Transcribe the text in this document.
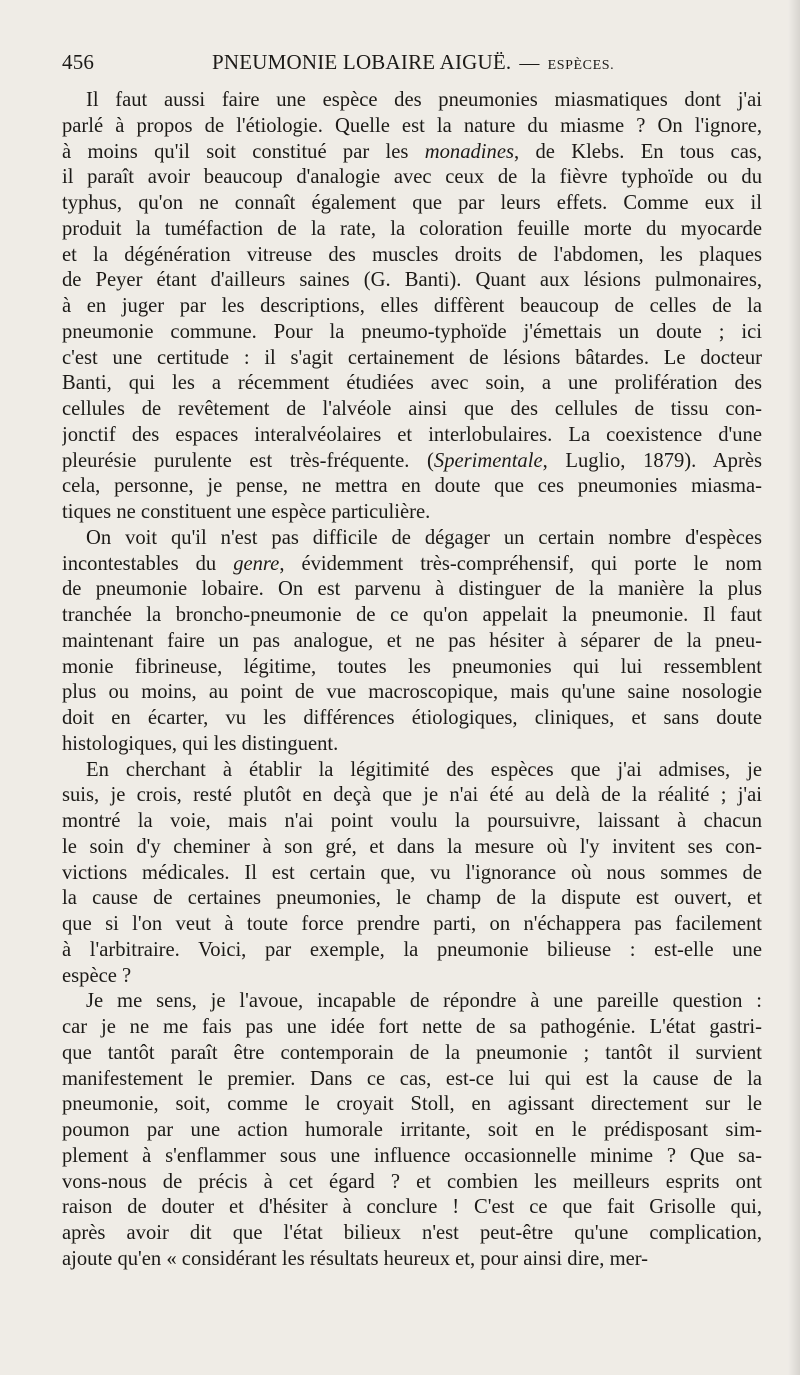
456	PNEUMONIE LOBAIRE AIGUË. — ESPÈCES.
Il faut aussi faire une espèce des pneumonies miasmatiques dont j'ai
parlé à propos de l'étiologie. Quelle est la nature du miasme ? On l'ignore,
à moins qu'il soit constitué par les monadines, de Klebs. En tous cas,
il paraît avoir beaucoup d'analogie avec ceux de la fièvre typhoïde ou du
typhus, qu'on ne connaît également que par leurs effets. Comme eux il
produit la tuméfaction de la rate, la coloration feuille morte du myocarde
et la dégénération vitreuse des muscles droits de l'abdomen, les plaques
de Peyer étant d'ailleurs saines (G. Banti). Quant aux lésions pulmonaires,
à en juger par les descriptions, elles diffèrent beaucoup de celles de la
pneumonie commune. Pour la pneumo-typhoïde j'émettais un doute ; ici
c'est une certitude : il s'agit certainement de lésions bâtardes. Le docteur
Banti, qui les a récemment étudiées avec soin, a une prolifération des
cellules de revêtement de l'alvéole ainsi que des cellules de tissu con-
jonctif des espaces interalvéolaires et interlobulaires. La coexistence d'une
pleurésie purulente est très-fréquente. (Sperimentale, Luglio, 1879). Après
cela, personne, je pense, ne mettra en doute que ces pneumonies miasma-
tiques ne constituent une espèce particulière.
On voit qu'il n'est pas difficile de dégager un certain nombre d'espèces
incontestables du genre, évidemment très-compréhensif, qui porte le nom
de pneumonie lobaire. On est parvenu à distinguer de la manière la plus
tranchée la broncho-pneumonie de ce qu'on appelait la pneumonie. Il faut
maintenant faire un pas analogue, et ne pas hésiter à séparer de la pneu-
monie fibrineuse, légitime, toutes les pneumonies qui lui ressemblent
plus ou moins, au point de vue macroscopique, mais qu'une saine nosologie
doit en écarter, vu les différences étiologiques, cliniques, et sans doute
histologiques, qui les distinguent.
En cherchant à établir la légitimité des espèces que j'ai admises, je
suis, je crois, resté plutôt en deçà que je n'ai été au delà de la réalité ; j'ai
montré la voie, mais n'ai point voulu la poursuivre, laissant à chacun
le soin d'y cheminer à son gré, et dans la mesure où l'y invitent ses con-
victions médicales. Il est certain que, vu l'ignorance où nous sommes de
la cause de certaines pneumonies, le champ de la dispute est ouvert, et
que si l'on veut à toute force prendre parti, on n'échappera pas facilement
à l'arbitraire. Voici, par exemple, la pneumonie bilieuse : est-elle une
espèce ?
Je me sens, je l'avoue, incapable de répondre à une pareille question :
car je ne me fais pas une idée fort nette de sa pathogénie. L'état gastri-
que tantôt paraît être contemporain de la pneumonie ; tantôt il survient
manifestement le premier. Dans ce cas, est-ce lui qui est la cause de la
pneumonie, soit, comme le croyait Stoll, en agissant directement sur le
poumon par une action humorale irritante, soit en le prédisposant sim-
plement à s'enflammer sous une influence occasionnelle minime ? Que sa-
vons-nous de précis à cet égard ? et combien les meilleurs esprits ont
raison de douter et d'hésiter à conclure ! C'est ce que fait Grisolle qui,
après avoir dit que l'état bilieux n'est peut-être qu'une complication,
ajoute qu'en « considérant les résultats heureux et, pour ainsi dire, mer-
